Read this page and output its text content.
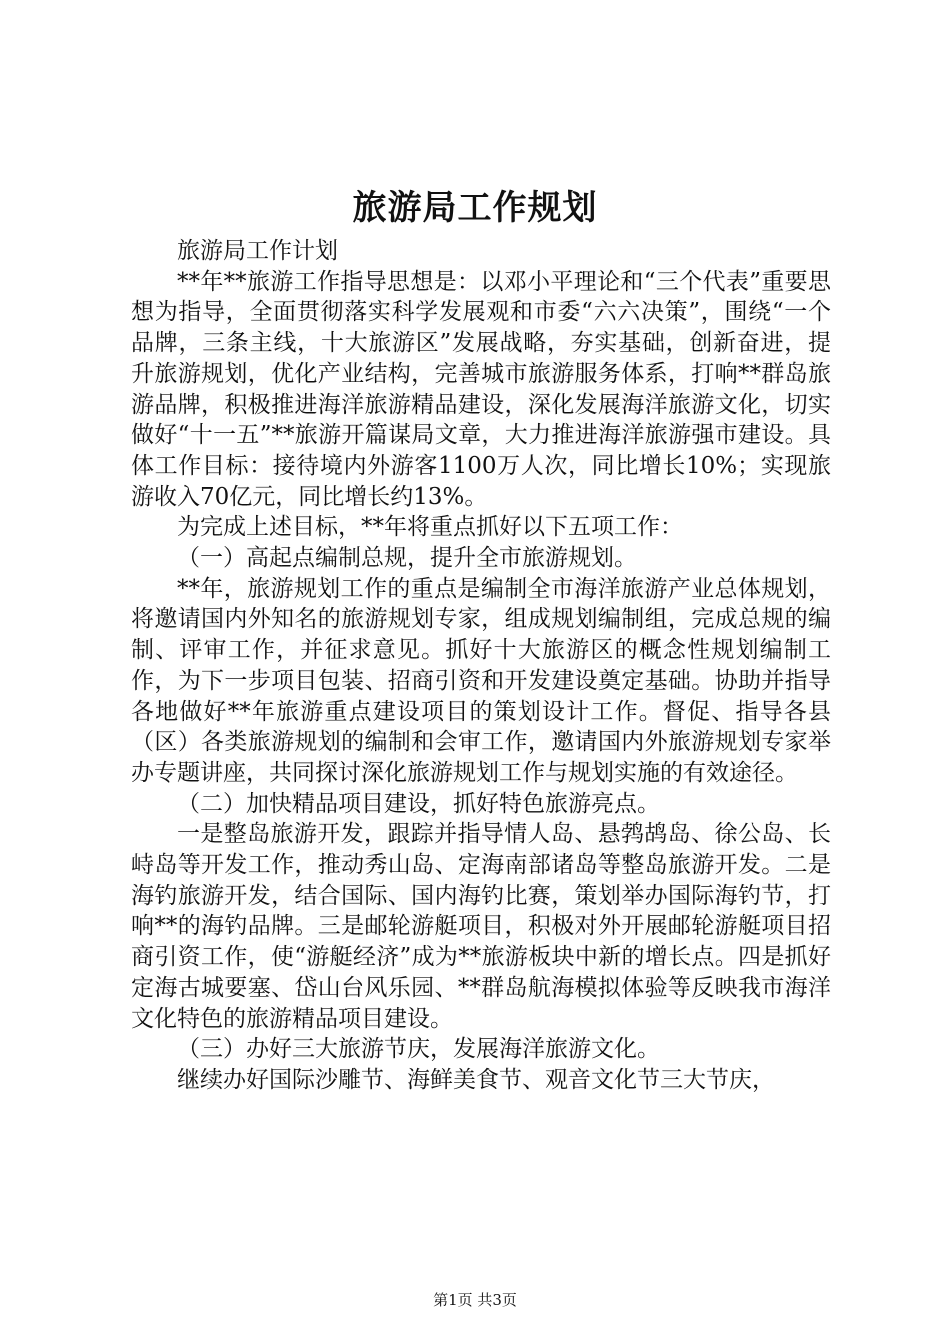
旅游局工作规划

旅游局工作计划

**年**旅游工作指导思想是：以邓小平理论和“三个代表”重要思想为指导，全面贯彻落实科学发展观和市委“六六决策”，围绕“一个品牌，三条主线，十大旅游区”发展战略，夯实基础，创新奋进，提升旅游规划，优化产业结构，完善城市旅游服务体系，打响**群岛旅游品牌，积极推进海洋旅游精品建设，深化发展海洋旅游文化，切实做好“十一五”**旅游开篇谋局文章，大力推进海洋旅游强市建设。具体工作目标：接待境内外游客1100万人次，同比增长10%；实现旅游收入70亿元，同比增长约13%。

为完成上述目标，**年将重点抓好以下五项工作：

（一）高起点编制总规，提升全市旅游规划。

**年，旅游规划工作的重点是编制全市海洋旅游产业总体规划，将邀请国内外知名的旅游规划专家，组成规划编制组，完成总规的编制、评审工作，并征求意见。抓好十大旅游区的概念性规划编制工作，为下一步项目包装、招商引资和开发建设奠定基础。协助并指导各地做好**年旅游重点建设项目的策划设计工作。督促、指导各县（区）各类旅游规划的编制和会审工作，邀请国内外旅游规划专家举办专题讲座，共同探讨深化旅游规划工作与规划实施的有效途径。

（二）加快精品项目建设，抓好特色旅游亮点。

一是整岛旅游开发，跟踪并指导情人岛、悬鹁鸪岛、徐公岛、长峙岛等开发工作，推动秀山岛、定海南部诸岛等整岛旅游开发。二是海钓旅游开发，结合国际、国内海钓比赛，策划举办国际海钓节，打响**的海钓品牌。三是邮轮游艇项目，积极对外开展邮轮游艇项目招商引资工作，使“游艇经济”成为**旅游板块中新的增长点。四是抓好定海古城要塞、岱山台风乐园、**群岛航海模拟体验等反映我市海洋文化特色的旅游精品项目建设。

（三）办好三大旅游节庆，发展海洋旅游文化。

继续办好国际沙雕节、海鲜美食节、观音文化节三大节庆，

第1页 共3页
